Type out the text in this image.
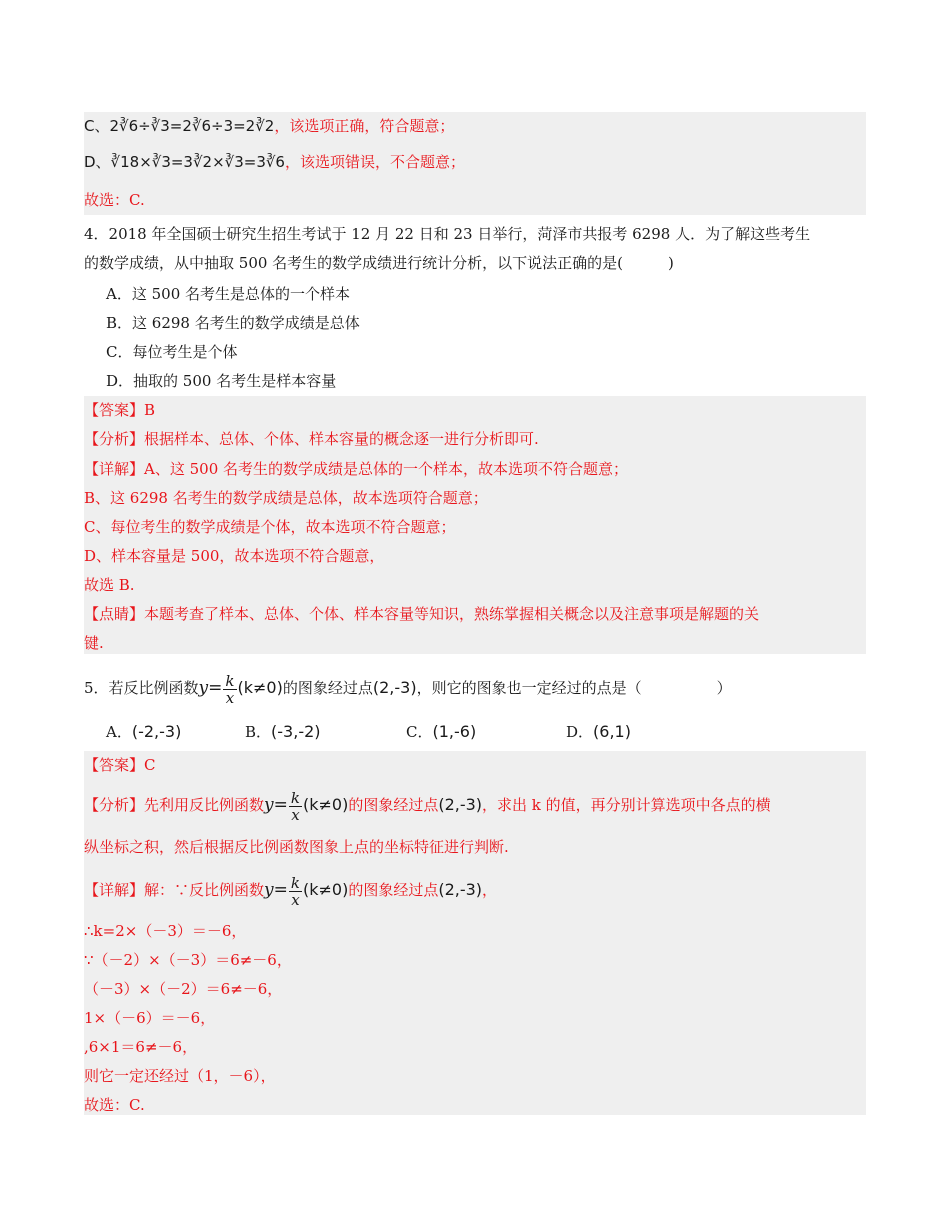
C、2∛6÷∛3=2∛6÷3=2∛2，该选项正确，符合题意；
D、∛18×∛3=3∛2×∛3=3∛6，该选项错误，不合题意；
故选：C.
4．2018 年全国硕士研究生招生考试于 12 月 22 日和 23 日举行，菏泽市共报考 6298 人．为了解这些考生
的数学成绩，从中抽取 500 名考生的数学成绩进行统计分析，以下说法正确的是(　　　)
A．这 500 名考生是总体的一个样本
B．这 6298 名考生的数学成绩是总体
C．每位考生是个体
D．抽取的 500 名考生是样本容量
【答案】B
【分析】根据样本、总体、个体、样本容量的概念逐一进行分析即可.
【详解】A、这 500 名考生的数学成绩是总体的一个样本，故本选项不符合题意；
B、这 6298 名考生的数学成绩是总体，故本选项符合题意；
C、每位考生的数学成绩是个体，故本选项不符合题意；
D、样本容量是 500，故本选项不符合题意，
故选 B.
【点睛】本题考查了样本、总体、个体、样本容量等知识，熟练掌握相关概念以及注意事项是解题的关
键.
5．若反比例函数$y= \frac{k}{x} (k\ne 0)$的图象经过点(2,-3)，则它的图象也一定经过的点是（　　　　　）
A．(-2,-3)	B．(-3,-2)	C．(1,-6)	D．(6,1)
【答案】C
【分析】先利用反比例函数$y= \frac{k}{x} (k\ne 0)$的图象经过点(2,-3)，求出 k 的值，再分别计算选项中各点的横
纵坐标之积，然后根据反比例函数图象上点的坐标特征进行判断.
【详解】解：∵反比例函数$y= \frac{k}{x} (k\ne 0)$的图象经过点(2,-3)，
∴k=2×（－3）＝－6，
∵（－2）×（－3）＝6≠－6，
（－3）×（－2）＝6≠－6，
1×（－6）＝－6，
,6×1＝6≠－6，
则它一定还经过（1，－6），
故选：C.
